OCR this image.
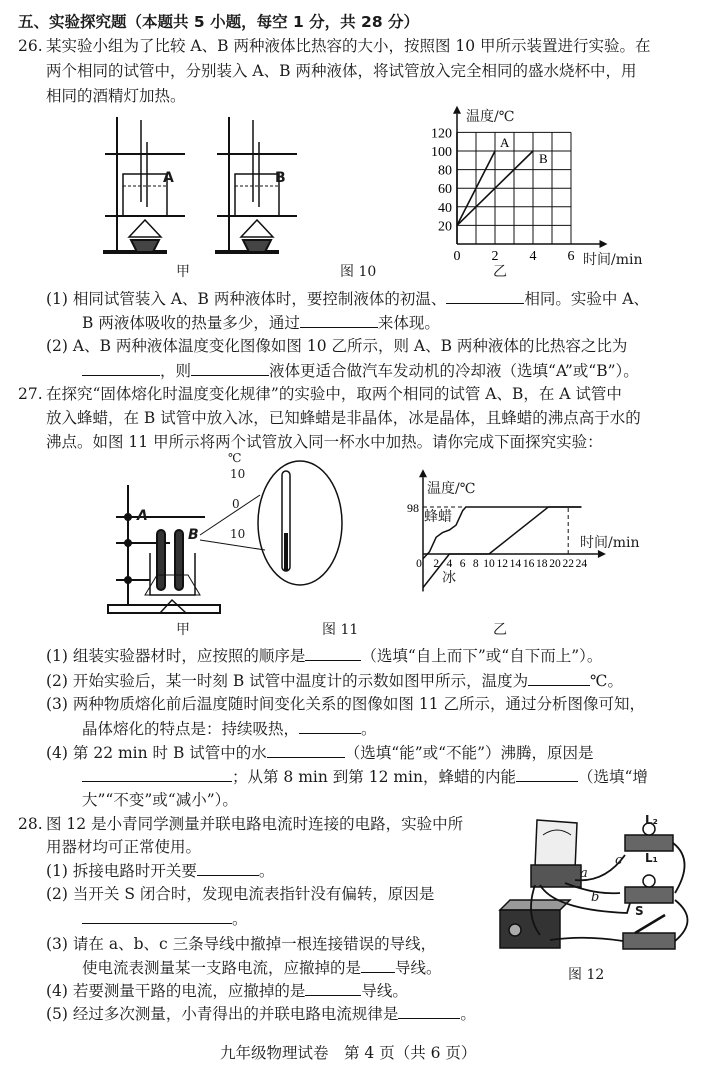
五、实验探究题（本题共 5 小题，每空 1 分，共 28 分）
26. 某实验小组为了比较 A、B 两种液体比热容的大小，按照图 10 甲所示装置进行实验。在
两个相同的试管中，分别装入 A、B 两种液体，将试管放入完全相同的盛水烧杯中，用
相同的酒精灯加热。
A	B
甲	图 10	乙
20
40
60
80
100
120
0 2 4 6
A
B
温度/℃
时间/min
(1) 相同试管装入 A、B 两种液体时，要控制液体的初温、	相同。实验中 A、
B 两液体吸收的热量多少，通过	来体现。
(2) A、B 两种液体温度变化图像如图 10 乙所示，则 A、B 两种液体的比热容之比为
，则	液体更适合做汽车发动机的冷却液（选填“A”或“B”）。
27. 在探究“固体熔化时温度变化规律”的实验中，取两个相同的试管 A、B，在 A 试管中
放入蜂蜡，在 B 试管中放入冰，已知蜂蜡是非晶体，冰是晶体，且蜂蜡的沸点高于水的
沸点。如图 11 甲所示将两个试管放入同一杯水中加热。请你完成下面探究实验：
A
B
℃
10
0
10
甲	图 11	乙
0 2 4 6 8 10 12 14 16 18 20 22 24
98
温度/℃
时间/min
蜂蜡
冰
(1) 组装实验器材时，应按照的顺序是	（选填“自上而下”或“自下而上”）。
(2) 开始实验后，某一时刻 B 试管中温度计的示数如图甲所示，温度为	℃。
(3) 两种物质熔化前后温度随时间变化关系的图像如图 11 乙所示，通过分析图像可知，
晶体熔化的特点是：持续吸热，	。
(4) 第 22 min 时 B 试管中的水	（选填“能”或“不能”）沸腾，原因是
；从第 8 min 到第 12 min，蜂蜡的内能	（选填“增
大”“不变”或“减小”）。
28. 图 12 是小青同学测量并联电路电流时连接的电路，实验中所
用器材均可正常使用。
(1) 拆接电路时开关要	。
(2) 当开关 S 闭合时，发现电流表指针没有偏转，原因是
。
(3) 请在 a、b、c 三条导线中撤掉一根连接错误的导线，
使电流表测量某一支路电流，应撤掉的是 导线。
(4) 若要测量干路的电流，应撤掉的是	导线。
(5) 经过多次测量，小青得出的并联电路电流规律是	。
L₂
L₁
S
a
b
c
图 12
九年级物理试卷　第 4 页（共 6 页）
